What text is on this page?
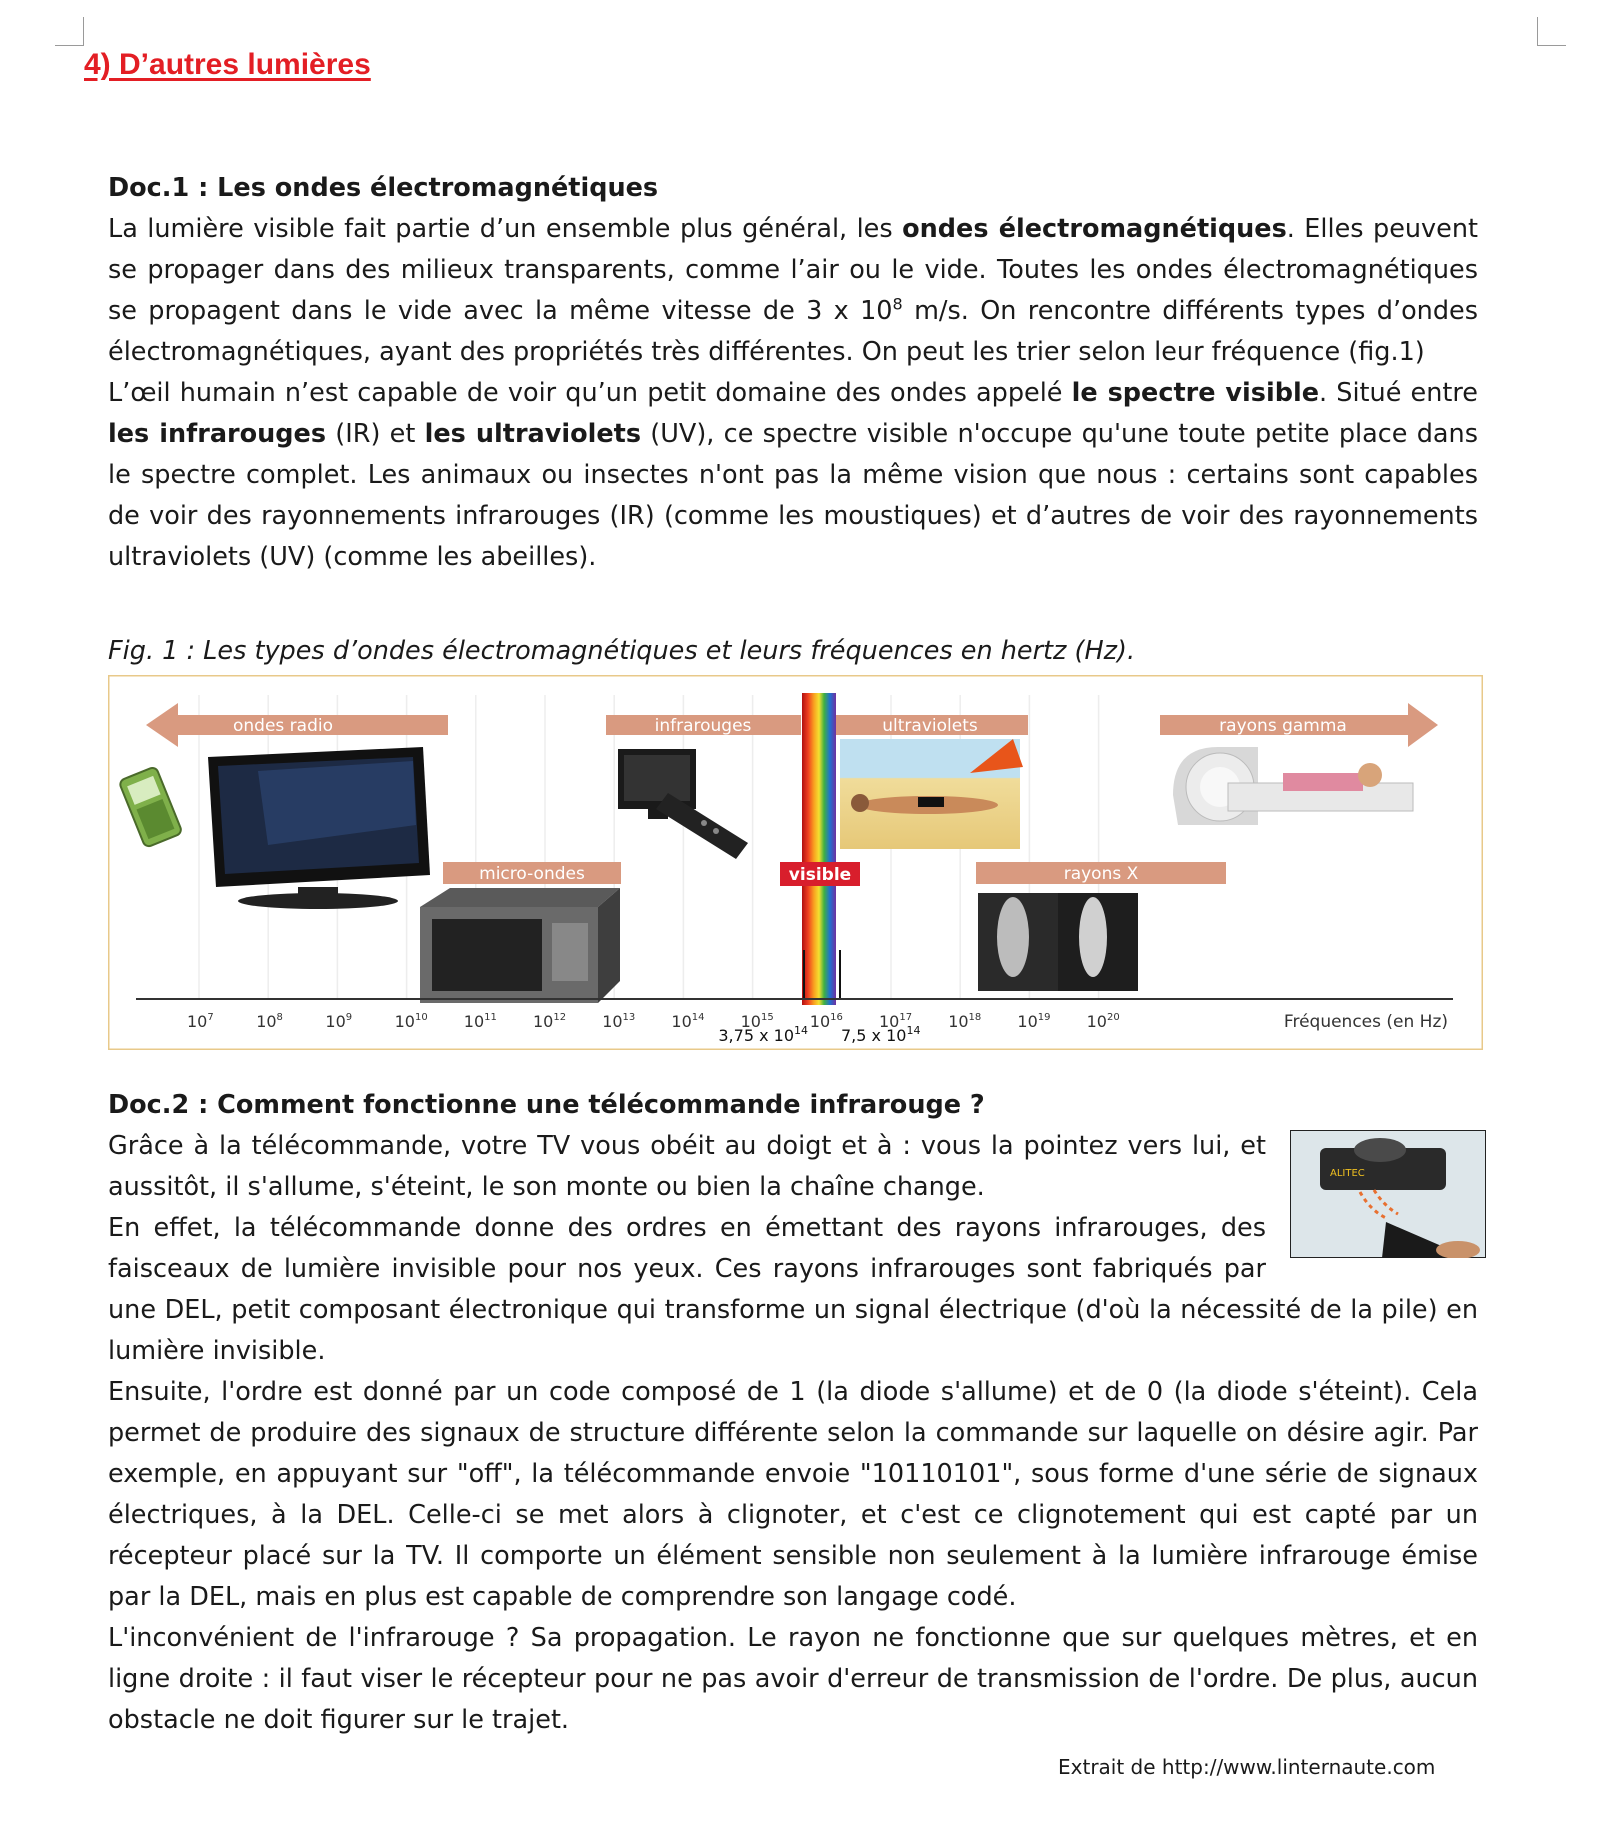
4) D’autres lumières
Doc.1 : Les ondes électromagnétiques

La lumière visible fait partie d’un ensemble plus général, les ondes électromagnétiques. Elles peuvent se propager dans des milieux transparents, comme l’air ou le vide. Toutes les ondes électromagnétiques se propagent dans le vide avec la même vitesse de 3 x $10^8$ m/s. On rencontre différents types d’ondes électromagnétiques, ayant des propriétés très différentes. On peut les trier selon leur fréquence (fig.1)

L’œil humain n’est capable de voir qu’un petit domaine des ondes appelé le spectre visible. Situé entre les infrarouges (IR) et les ultraviolets (UV), ce spectre visible n'occupe qu'une toute petite place dans le spectre complet. Les animaux ou insectes n'ont pas la même vision que nous : certains sont capables de voir des rayonnements infrarouges (IR) (comme les moustiques) et d’autres de voir des rayonnements ultraviolets (UV) (comme les abeilles).

Fig. 1 : Les types d’ondes électromagnétiques et leurs fréquences en hertz (Hz).

ondes radio	infrarouges	ultraviolets	rayons gamma
micro-ondes	rayons X
visible
$10^7$	$10^8$	$10^9$	$10^{10}$ $10^{11}$ $10^{12}$ $10^{13}$ $10^{14}$ $10^{15}$ $10^{16}$ $10^{17}$ $10^{18}$ $10^{19}$ $10^{20}$	Fréquences (en Hz)
3,75 x $10^{14}$ 7,5 x $10^{14}$
Doc.2 : Comment fonctionne une télécommande infrarouge ?
ALITEC

Grâce à la télécommande, votre TV vous obéit au doigt et à : vous la pointez vers lui, et aussitôt, il s'allume, s'éteint, le son monte ou bien la chaîne change.

En effet, la télécommande donne des ordres en émettant des rayons infrarouges, des faisceaux de lumière invisible pour nos yeux. Ces rayons infrarouges sont fabriqués par une DEL, petit composant électronique qui transforme un signal électrique (d'où la nécessité de la pile) en lumière invisible.

Ensuite, l'ordre est donné par un code composé de 1 (la diode s'allume) et de 0 (la diode s'éteint). Cela permet de produire des signaux de structure différente selon la commande sur laquelle on désire agir. Par exemple, en appuyant sur "off", la télécommande envoie "10110101", sous forme d'une série de signaux électriques, à la DEL. Celle-ci se met alors à clignoter, et c'est ce clignotement qui est capté par un récepteur placé sur la TV. Il comporte un élément sensible non seulement à la lumière infrarouge émise par la DEL, mais en plus est capable de comprendre son langage codé.

L'inconvénient de l'infrarouge ? Sa propagation. Le rayon ne fonctionne que sur quelques mètres, et en ligne droite : il faut viser le récepteur pour ne pas avoir d'erreur de transmission de l'ordre. De plus, aucun obstacle ne doit figurer sur le trajet.

Extrait de http://www.linternaute.com
